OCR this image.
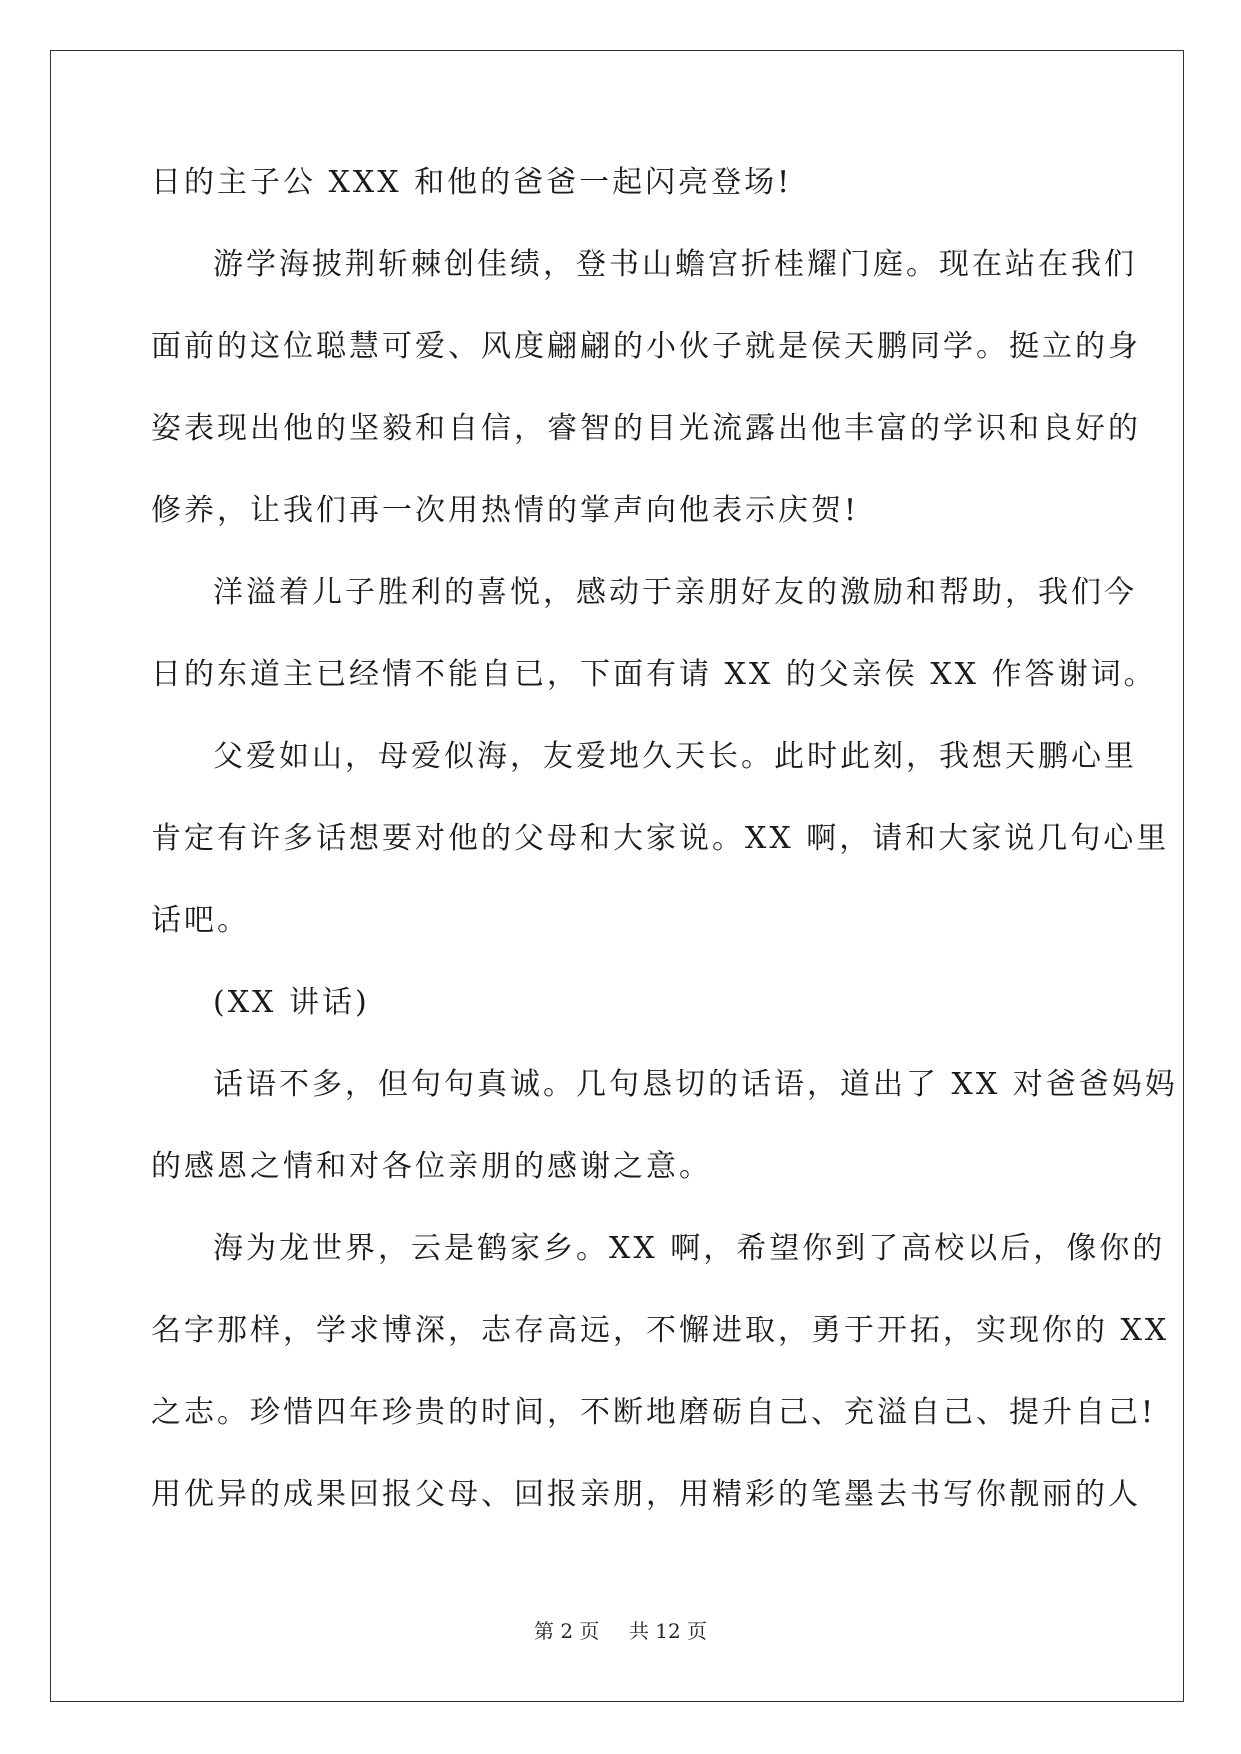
日的主子公 XXX 和他的爸爸一起闪亮登场!
游学海披荆斩棘创佳绩，登书山蟾宫折桂耀门庭。现在站在我们
面前的这位聪慧可爱、风度翩翩的小伙子就是侯天鹏同学。挺立的身
姿表现出他的坚毅和自信，睿智的目光流露出他丰富的学识和良好的
修养，让我们再一次用热情的掌声向他表示庆贺!
洋溢着儿子胜利的喜悦，感动于亲朋好友的激励和帮助，我们今
日的东道主已经情不能自已，下面有请 XX 的父亲侯 XX 作答谢词。
父爱如山，母爱似海，友爱地久天长。此时此刻，我想天鹏心里
肯定有许多话想要对他的父母和大家说。XX 啊，请和大家说几句心里
话吧。
(XX 讲话)
话语不多，但句句真诚。几句恳切的话语，道出了 XX 对爸爸妈妈
的感恩之情和对各位亲朋的感谢之意。
海为龙世界，云是鹤家乡。XX 啊，希望你到了高校以后，像你的
名字那样，学求博深，志存高远，不懈进取，勇于开拓，实现你的 XX
之志。珍惜四年珍贵的时间，不断地磨砺自己、充溢自己、提升自己!
用优异的成果回报父母、回报亲朋，用精彩的笔墨去书写你靓丽的人
第 2 页 共 12 页
